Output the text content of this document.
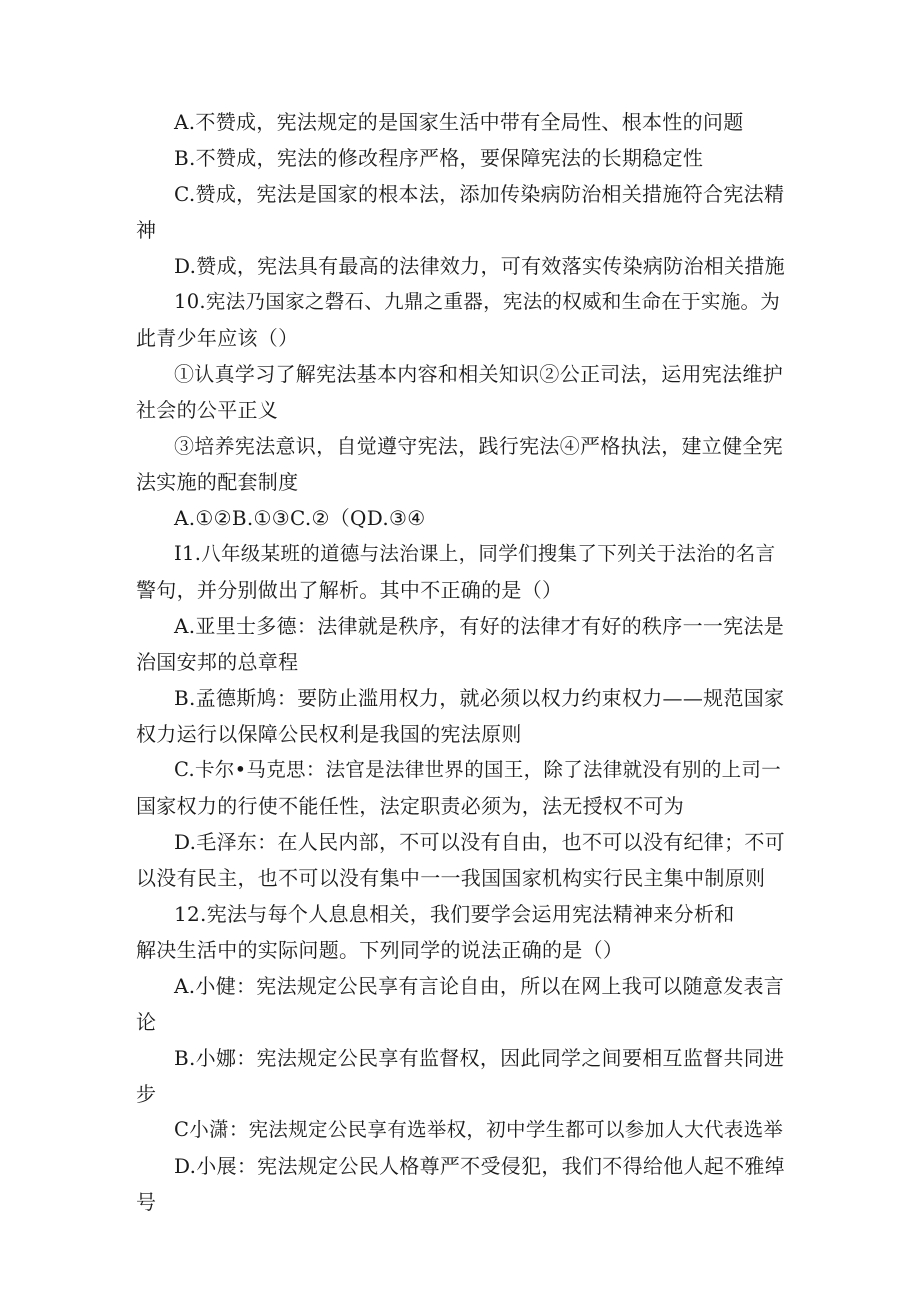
A.不赞成，宪法规定的是国家生活中带有全局性、根本性的问题
B.不赞成，宪法的修改程序严格，要保障宪法的长期稳定性
C.赞成，宪法是国家的根本法，添加传染病防治相关措施符合宪法精
神
D.赞成，宪法具有最高的法律效力，可有效落实传染病防治相关措施
10.宪法乃国家之磬石、九鼎之重器，宪法的权威和生命在于实施。为
此青少年应该（）
①认真学习了解宪法基本内容和相关知识②公正司法，运用宪法维护
社会的公平正义
③培养宪法意识，自觉遵守宪法，践行宪法④严格执法，建立健全宪
法实施的配套制度
A.①②B.①③C.②（QD.③④
I1.八年级某班的道德与法治课上，同学们搜集了下列关于法治的名言
警句，并分别做出了解析。其中不正确的是（）
A.亚里士多德：法律就是秩序，有好的法律才有好的秩序一一宪法是
治国安邦的总章程
B.孟德斯鸠：要防止滥用权力，就必须以权力约束权力——规范国家
权力运行以保障公民权利是我国的宪法原则
C.卡尔•马克思：法官是法律世界的国王，除了法律就没有别的上司一
国家权力的行使不能任性，法定职责必须为，法无授权不可为
D.毛泽东：在人民内部，不可以没有自由，也不可以没有纪律；不可
以没有民主，也不可以没有集中一一我国国家机构实行民主集中制原则
12.宪法与每个人息息相关，我们要学会运用宪法精神来分析和
解决生活中的实际问题。下列同学的说法正确的是（）
A.小健：宪法规定公民享有言论自由，所以在网上我可以随意发表言
论
B.小娜：宪法规定公民享有监督权，因此同学之间要相互监督共同进
步
C小潇：宪法规定公民享有选举权，初中学生都可以参加人大代表选举
D.小展：宪法规定公民人格尊严不受侵犯，我们不得给他人起不雅绰
号
